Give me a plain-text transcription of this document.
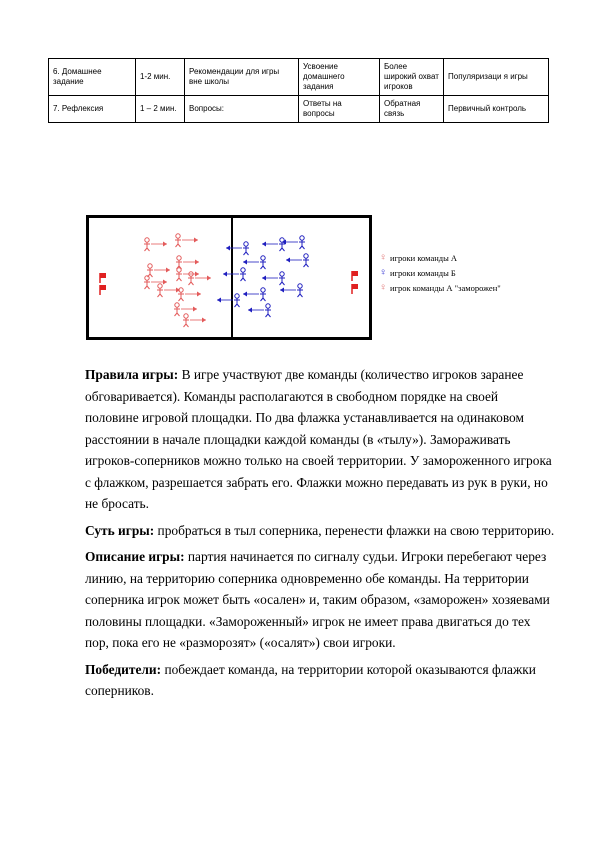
6. Домашнее задание	1-2 мин.	Рекомендации для игры вне школы	Усвоение домашнего задания	Более широкий охват игроков	Популяризаци я игры
7. Рефлексия	1 – 2 мин.	Вопросы:	Ответы на вопросы	Обратная связь	Первичный контроль
♀ игроки команды А
♀ игроки команды Б
♀ игрок команды А "заморожен"

Правила игры: В игре участвуют две команды (количество игроков заранее обговаривается). Команды располагаются в свободном порядке на своей половине игровой площадки. По два флажка устанавливается на одинаковом расстоянии в начале площадки каждой команды (в «тылу»). Замораживать игроков-соперников можно только на своей территории. У замороженного игрока с флажком, разрешается забрать его. Флажки можно передавать из рук в руки, но не бросать.

Суть игры: пробраться в тыл соперника, перенести флажки на свою территорию.

Описание игры: партия начинается по сигналу судьи. Игроки перебегают через линию, на территорию соперника одновременно обе команды. На территории соперника игрок может быть «осален» и, таким образом, «заморожен» хозяевами половины площадки. «Замороженный» игрок не имеет права двигаться до тех пор, пока его не «разморозят» («осалят») свои игроки.

Победители: побеждает команда, на территории которой оказываются флажки соперников.
